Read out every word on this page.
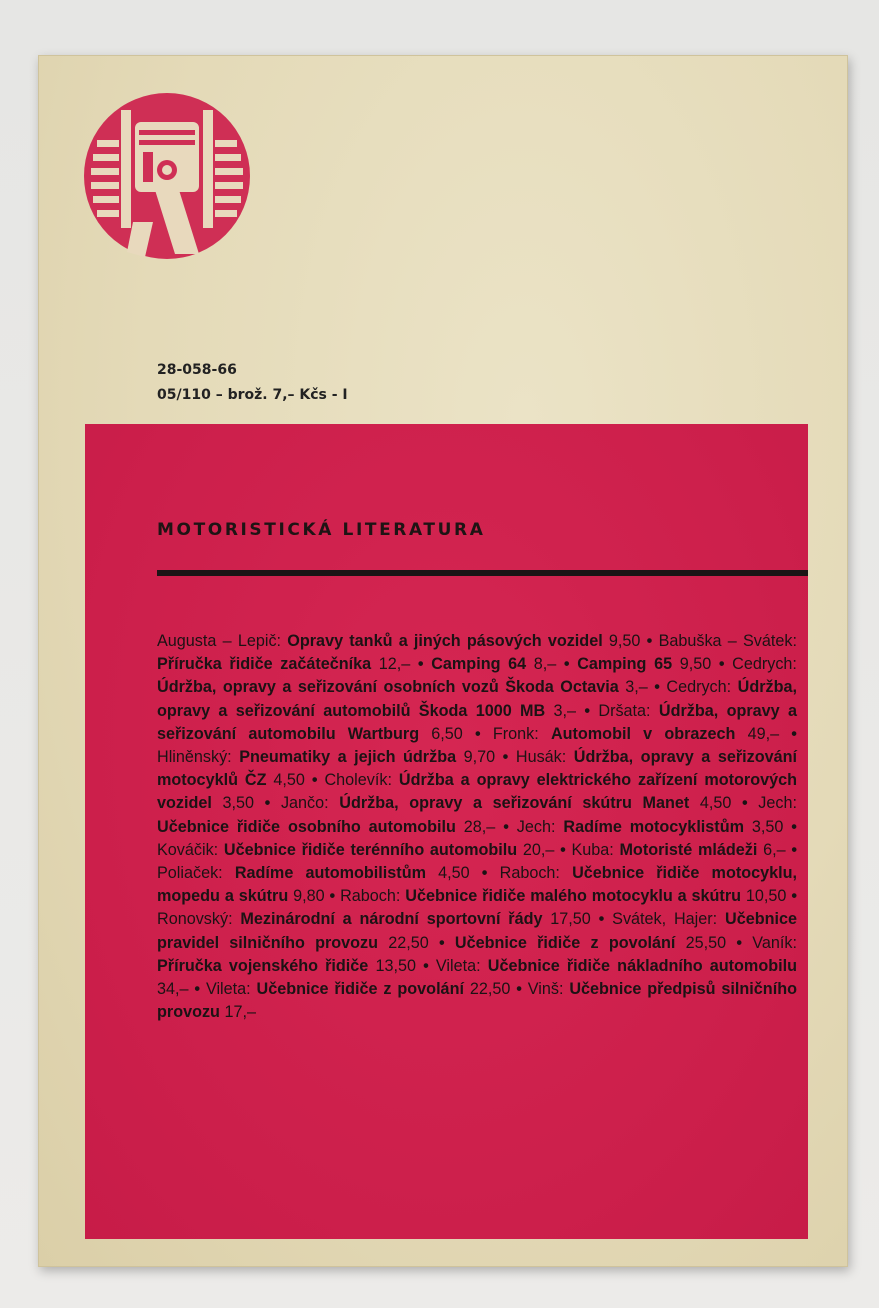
28-058-66
05/110 – brož. 7,– Kčs - I
MOTORISTICKÁ LITERATURA
Augusta – Lepič: Opravy tanků a jiných pásových vozidel 9,50 • Babuška – Svátek: Příručka řidiče začátečníka 12,– • Camping 64 8,– • Camping 65 9,50 • Cedrych: Údržba, opravy a seřizování osobních vozů Škoda Octavia 3,– • Cedrych: Údržba, opravy a seřizování automobilů Škoda 1000 MB 3,– • Dršata: Údržba, opravy a seřizování automobilu Wartburg 6,50 • Fronk: Automobil v obrazech 49,– • Hliněnský: Pneumatiky a jejich údržba 9,70 • Husák: Údržba, opravy a seřizování motocyklů ČZ 4,50 • Cholevík: Údržba a opravy elektrického zařízení motorových vozidel 3,50 • Jančo: Údržba, opravy a seřizování skútru Manet 4,50 • Jech: Učebnice řidiče osobního automobilu 28,– • Jech: Radíme motocyklistům 3,50 • Kováčik: Učebnice řidiče terénního automobilu 20,– • Kuba: Motoristé mládeži 6,– • Poliaček: Radíme automobilistům 4,50 • Raboch: Učebnice řidiče motocyklu, mopedu a skútru 9,80 • Raboch: Učebnice řidiče malého motocyklu a skútru 10,50 • Ronovský: Mezinárodní a národní sportovní řády 17,50 • Svátek, Hajer: Učebnice pravidel silničního provozu 22,50 • Učebnice řidiče z povolání 25,50 • Vaník: Příručka vojenského řidiče 13,50 • Vileta: Učebnice řidiče nákladního automobilu 34,– • Vileta: Učebnice řidiče z povolání 22,50 • Vinš: Učebnice předpisů silničního provozu 17,–
